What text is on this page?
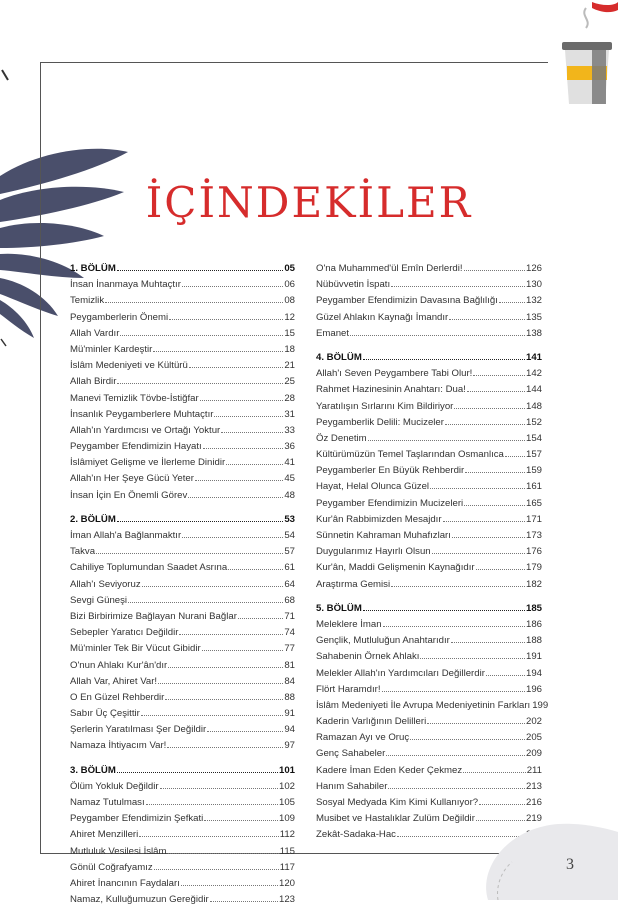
İÇİNDEKİLER
1. BÖLÜM	05
İnsan İnanmaya Muhtaçtır	06
Temizlik	08
Peygamberlerin Önemi	12
Allah Vardır	15
Mü'minler Kardeştir	18
İslâm Medeniyeti ve Kültürü	21
Allah Birdir	25
Manevi Temizlik Tövbe-İstiğfar	28
İnsanlık Peygamberlere Muhtaçtır	31
Allah'ın Yardımcısı ve Ortağı Yoktur	33
Peygamber Efendimizin Hayatı	36
İslâmiyet Gelişme ve İlerleme Dinidir	41
Allah'ın Her Şeye Gücü Yeter	45
İnsan İçin En Önemli Görev	48
2. BÖLÜM	53
İman Allah'a Bağlanmaktır	54
Takva	57
Cahiliye Toplumundan Saadet Asrına	61
Allah'ı Seviyoruz	64
Sevgi Güneşi	68
Bizi Birbirimize Bağlayan Nurani Bağlar	71
Sebepler Yaratıcı Değildir	74
Mü'minler Tek Bir Vücut Gibidir	77
O'nun Ahlakı Kur'ân'dır	81
Allah Var, Ahiret Var!	84
O En Güzel Rehberdir	88
Sabır Üç Çeşittir	91
Şerlerin Yaratılması Şer Değildir	94
Namaza İhtiyacım Var!	97
3. BÖLÜM	101
Ölüm Yokluk Değildir	102
Namaz Tutulması	105
Peygamber Efendimizin Şefkati	109
Ahiret Menzilleri	112
Mutluluk Vesilesi İslâm	115
Gönül Coğrafyamız	117
Ahiret İnancının Faydaları	120
Namaz, Kulluğumuzun Gereğidir	123
O'na Muhammed'ül Emîn Derlerdi!	126
Nübüvvetin İspatı	130
Peygamber Efendimizin Davasına Bağlılığı	132
Güzel Ahlakın Kaynağı İmandır	135
Emanet	138
4. BÖLÜM	141
Allah'ı Seven Peygambere Tabi Olur!	142
Rahmet Hazinesinin Anahtarı: Dua!	144
Yaratılışın Sırlarını Kim Bildiriyor	148
Peygamberlik Delili: Mucizeler	152
Öz Denetim	154
Kültürümüzün Temel Taşlarından Osmanlıca 157
Peygamberler En Büyük Rehberdir	159
Hayat, Helal Olunca Güzel	161
Peygamber Efendimizin Mucizeleri	165
Kur'ân Rabbimizden Mesajdır	171
Sünnetin Kahraman Muhafızları	173
Duygularımız Hayırlı Olsun	176
Kur'ân, Maddi Gelişmenin Kaynağıdır	179
Araştırma Gemisi	182
5. BÖLÜM	185
Meleklere İman	186
Gençlik, Mutluluğun Anahtarıdır	188
Sahabenin Örnek Ahlakı	191
Melekler Allah'ın Yardımcıları Değillerdir	194
Flört Haramdır!	196
İslâm Medeniyeti İle Avrupa Medeniyetinin Farkları 199
Kaderin Varlığının Delilleri	202
Ramazan Ayı ve Oruç	205
Genç Sahabeler	209
Kadere İman Eden Keder Çekmez	211
Hanım Sahabiler	213
Sosyal Medyada Kim Kimi Kullanıyor?	216
Musibet ve Hastalıklar Zulüm Değildir	219
Zekât-Sadaka-Hac
3
